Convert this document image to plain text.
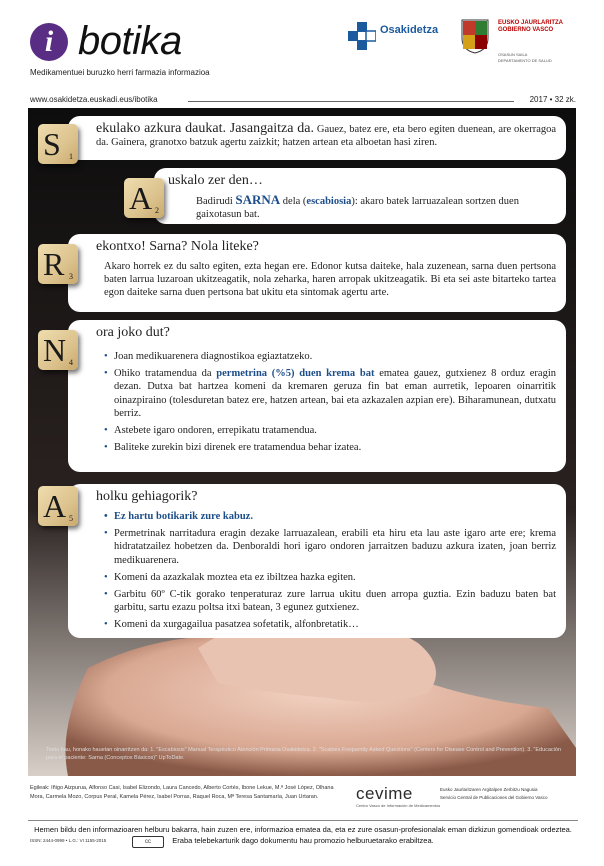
i botika
Medikamentuei buruzko herri farmazia informazioa
Osakidetza
EUSKO JAURLARITZA
GOBIERNO VASCO
OSASUN SAILA
DEPARTAMENTO DE SALUD
www.osakidetza.euskadi.eus/ibotika	2017 • 32 zk.
ekulako azkura daukat. Jasangaitza da. Gauez, batez ere, eta bero egiten duenean, are okerragoa da. Gainera, granotxo batzuk agertu zaizkit; hatzen artean eta alboetan hasi ziren.
S 1
uskalo zer den…
Badirudi SARNA dela (escabiosia): akaro batek larruazalean sortzen duen gaixotasun bat.
A 2
ekontxo! Sarna? Nola liteke?
Akaro horrek ez du salto egiten, ezta hegan ere. Edonor kutsa daiteke, hala zuzenean, sarna duen pertsona baten larrua luzaroan ukitzeagatik, nola zeharka, haren arropak ukitzeagatik. Bi eta sei aste bitarteko tartea egon daiteke sarna duen pertsona bat ukitu eta sintomak agertu arte.
R 3
ora joko dut?
• Joan medikuarenera diagnostikoa egiaztatzeko.
• Ohiko tratamendua da permetrina (%5) duen krema bat ematea gauez, gutxienez 8 orduz eragin dezan. Dutxa bat hartzea komeni da kremaren geruza fin bat eman aurretik, lepoaren oinarritik oinazpiraino (tolesduretan batez ere, hatzen artean, bai eta azkazalen azpian ere). Biharamunean, dutxatu berriz.
• Astebete igaro ondoren, errepikatu tratamendua.
• Baliteke zurekin bizi direnek ere tratamendua behar izatea.
N 4
holku gehiagorik?
• Ez hartu botikarik zure kabuz.
• Permetrinak narritadura eragin dezake larruazalean, erabili eta hiru eta lau aste igaro arte ere; krema hidratatzailez hobetzen da. Denboraldi hori igaro ondoren jarraitzen baduzu azkura izaten, joan berriz medikuarenera.
• Komeni da azazkalak moztea eta ez ibiltzea hazka egiten.
• Garbitu 60º C-tik gorako tenperaturaz zure larrua ukitu duen arropa guztia. Ezin baduzu baten bat garbitu, sartu ezazu poltsa itxi batean, 3 egunez gutxienez.
• Komeni da xurgagailua pasatzea sofetatik, alfonbretatik…
A 5
Testu hau, honako hauetan oinarritzen da: 1. "Escabiosis" Manual Terapéutico Atención Primaria Osakidetza. 2. "Scabies Frequently Asked Questions" (Centers for Disease Control and Prevention). 3. "Educación para el paciente: Sarna (Conceptos Básicos)" UpToDate.
Egileak: Iñigo Aizpurua, Alfonso Casi, Isabel Elizondo, Laura Cancedo, Alberto Cortés, Ibone Lekue, M.ª José López, Olhana Mora, Carmela Mozo, Corpus Peral, Kamela Pérez, Isabel Porras, Raquel Roca, Mª Teresa Santamaría, Juan Urtaran.	cevime
Centro Vasco de Información de Medicamentos
Eusko Jaurlaritzaren Argitalpen Zerbitzu Nagusia
Servicio Central de Publicaciones del Gobierno Vasco
Hemen bildu den informazioaren helburu bakarra, hain zuzen ere, informazioa ematea da, eta ez zure osasun-profesionalak eman dizkizun gomendioak ordeztea. Eraba telebekarturik dago dokumentu hau promozio helburuetarako erabiltzea.
ISSN: 2444-0999 • L.G.: VI 1155-2015	cc
